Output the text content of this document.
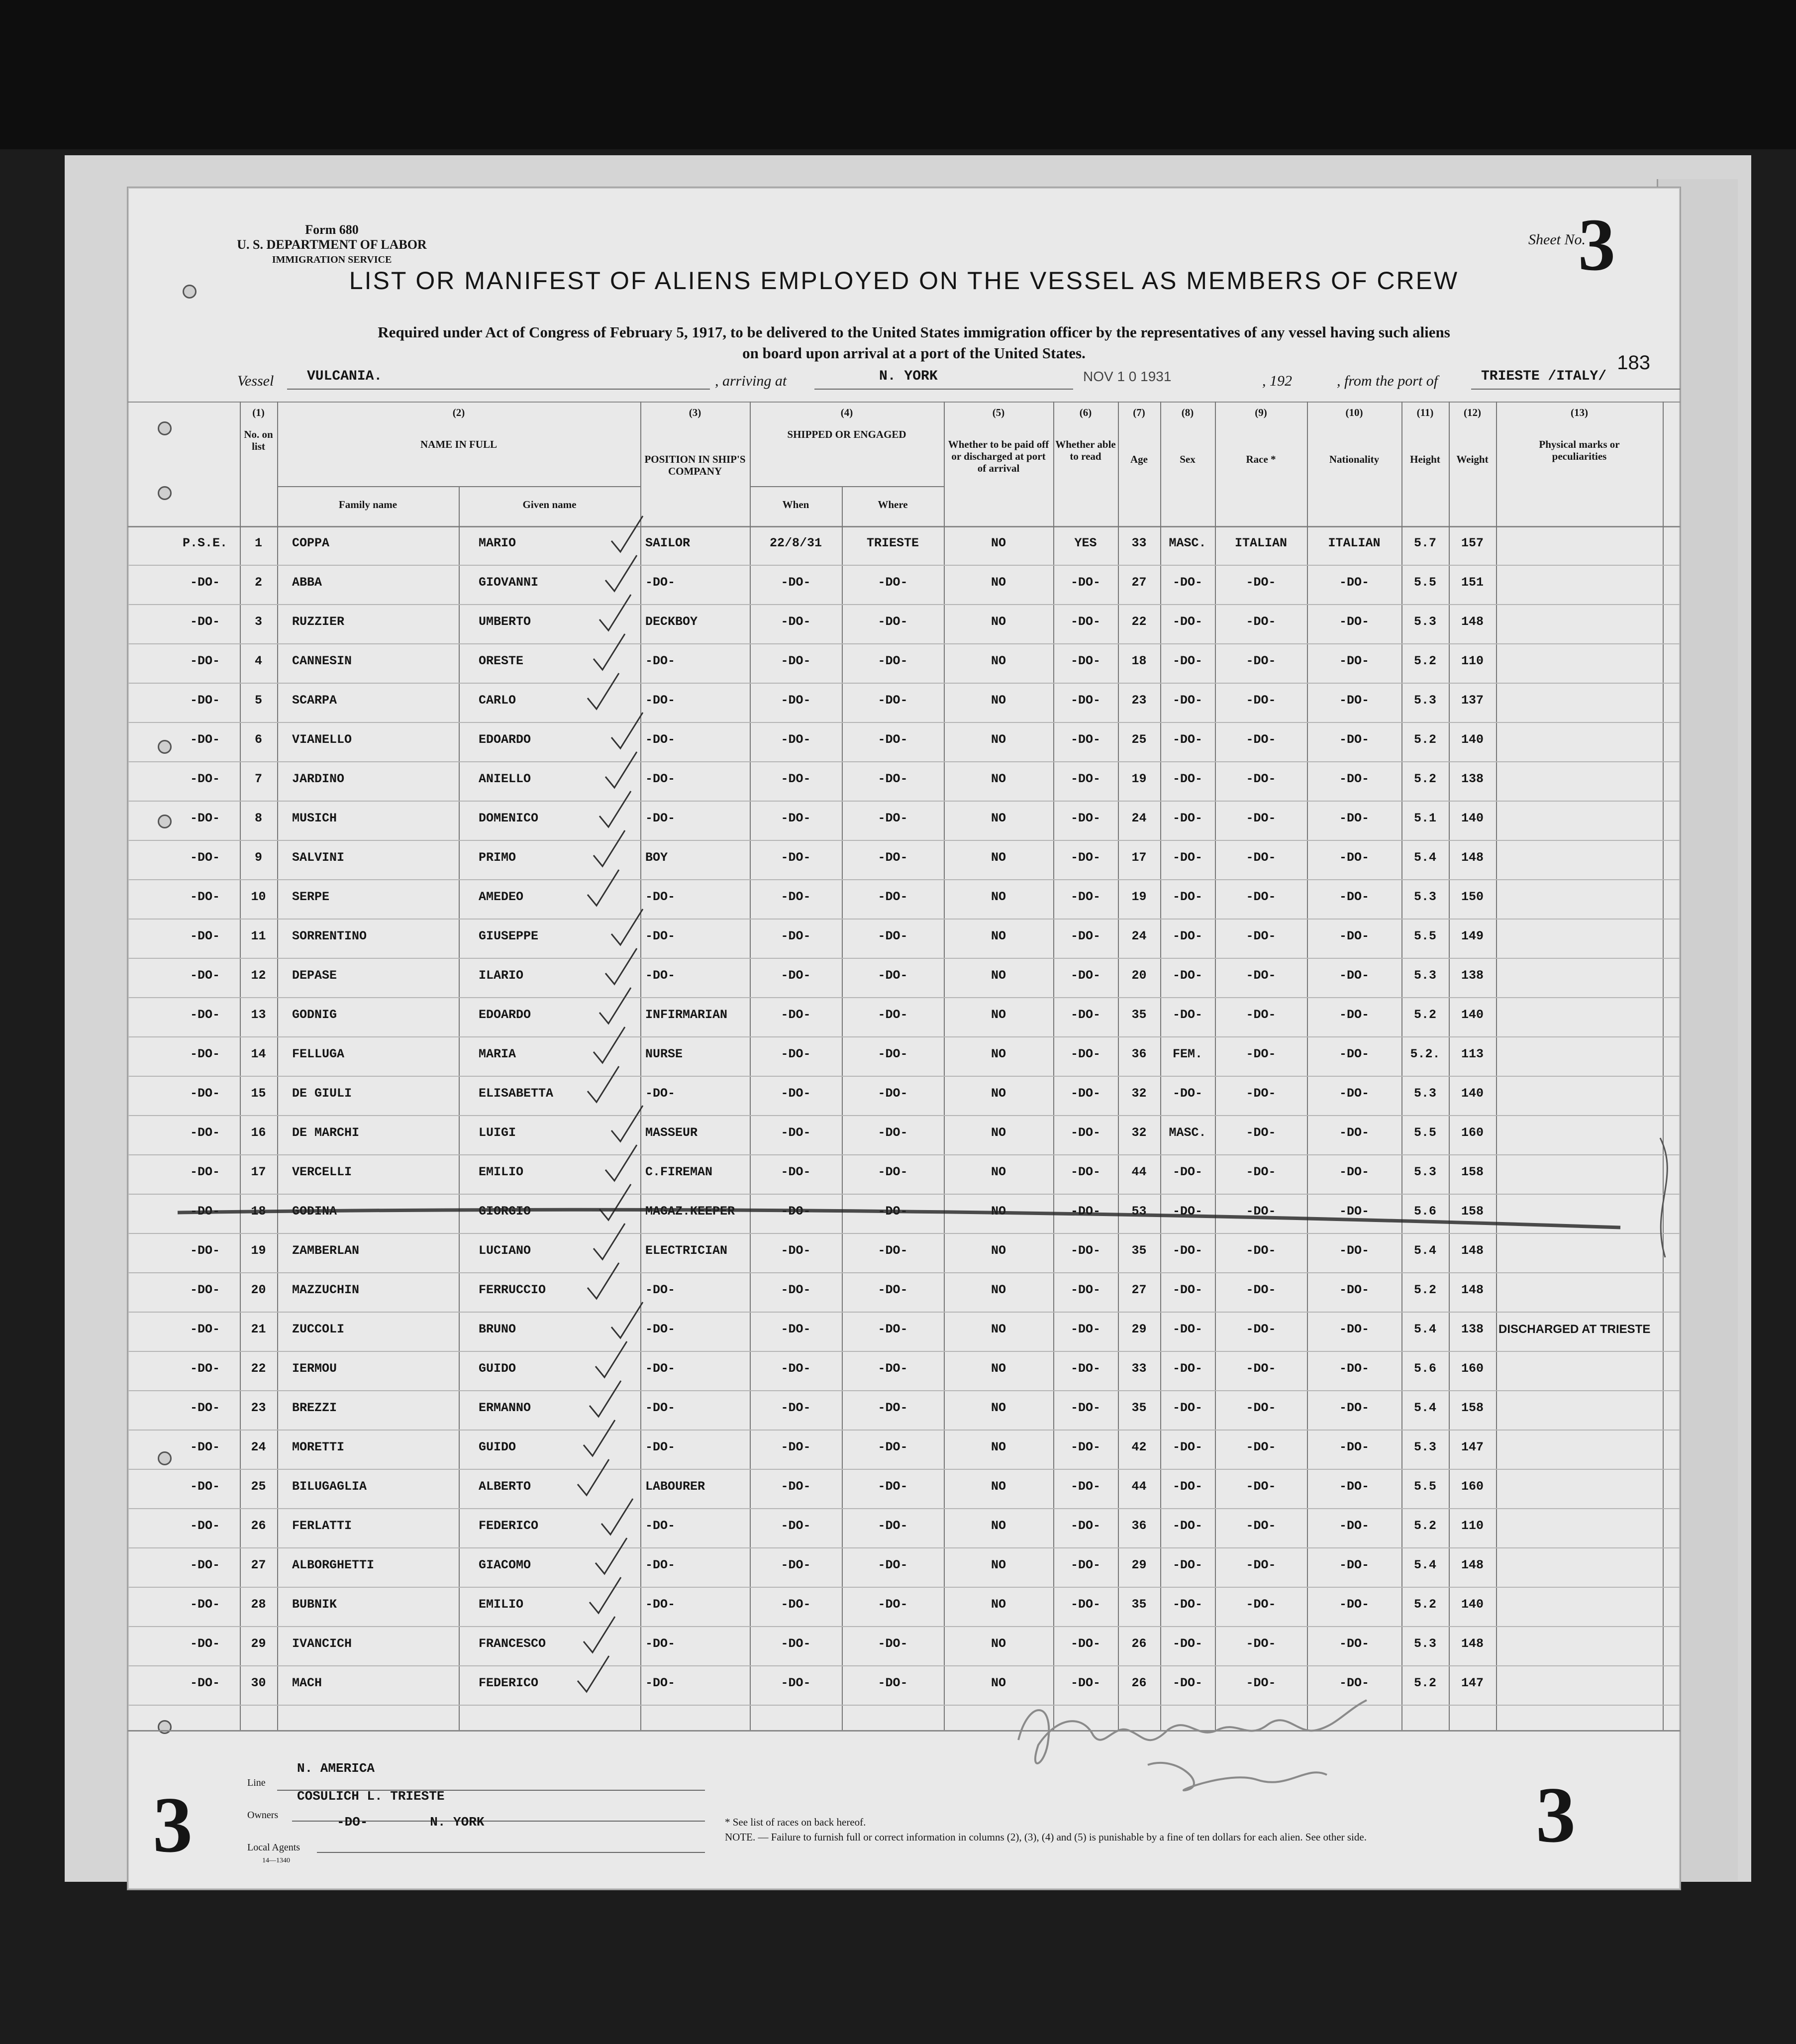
Form 680
U. S. DEPARTMENT OF LABOR
IMMIGRATION SERVICE
Sheet No.
3
LIST OR MANIFEST OF ALIENS EMPLOYED ON THE VESSEL AS MEMBERS OF CREW
Required under Act of Congress of February 5, 1917, to be delivered to the United States immigration officer by the representatives of any vessel having such aliens
on board upon arrival at a port of the United States.	183
Vessel VULCANIA.	, arriving at	N. YORK	NOV 1 0 1931	, 192	, from the port of	TRIESTE /ITALY/
(1)
No. on list
(2)
NAME IN FULL
Family name	Given name
(3)
POSITION IN SHIP'S COMPANY
(4)
SHIPPED OR ENGAGED
When	Where
(5)
Whether to be paid off or discharged at port of arrival
(6)
Whether able to read
(7)
Age
(8)
Sex
(9)
Race *
(10)
Nationality
(11)
Height
(12)
Weight
(13)
Physical marks or peculiarities
P.S.E.	1	COPPA	MARIO	SAILOR	22/8/31	TRIESTE	NO	YES	33	MASC.	ITALIAN	ITALIAN	5.7	157
-DO-	2	ABBA	GIOVANNI	-DO-	-DO-	-DO-	NO	-DO-	27	-DO-	-DO-	-DO-	5.5	151
-DO-	3	RUZZIER	UMBERTO	DECKBOY	-DO-	-DO-	NO	-DO-	22	-DO-	-DO-	-DO-	5.3	148
-DO-	4	CANNESIN	ORESTE	-DO-	-DO-	-DO-	NO	-DO-	18	-DO-	-DO-	-DO-	5.2	110
-DO-	5	SCARPA	CARLO	-DO-	-DO-	-DO-	NO	-DO-	23	-DO-	-DO-	-DO-	5.3	137
-DO-	6	VIANELLO	EDOARDO	-DO-	-DO-	-DO-	NO	-DO-	25	-DO-	-DO-	-DO-	5.2	140
-DO-	7	JARDINO	ANIELLO	-DO-	-DO-	-DO-	NO	-DO-	19	-DO-	-DO-	-DO-	5.2	138
-DO-	8	MUSICH	DOMENICO	-DO-	-DO-	-DO-	NO	-DO-	24	-DO-	-DO-	-DO-	5.1	140
-DO-	9	SALVINI	PRIMO	BOY	-DO-	-DO-	NO	-DO-	17	-DO-	-DO-	-DO-	5.4	148
-DO-	10	SERPE	AMEDEO	-DO-	-DO-	-DO-	NO	-DO-	19	-DO-	-DO-	-DO-	5.3	150
-DO-	11	SORRENTINO	GIUSEPPE	-DO-	-DO-	-DO-	NO	-DO-	24	-DO-	-DO-	-DO-	5.5	149
-DO-	12	DEPASE	ILARIO	-DO-	-DO-	-DO-	NO	-DO-	20	-DO-	-DO-	-DO-	5.3	138
-DO-	13	GODNIG	EDOARDO	INFIRMARIAN	-DO-	-DO-	NO	-DO-	35	-DO-	-DO-	-DO-	5.2	140
-DO-	14	FELLUGA	MARIA	NURSE	-DO-	-DO-	NO	-DO-	36	FEM.	-DO-	-DO-	5.2.	113
-DO-	15	DE GIULI	ELISABETTA	-DO-	-DO-	-DO-	NO	-DO-	32	-DO-	-DO-	-DO-	5.3	140
-DO-	16	DE MARCHI	LUIGI	MASSEUR	-DO-	-DO-	NO	-DO-	32	MASC.	-DO-	-DO-	5.5	160
-DO-	17	VERCELLI	EMILIO	C.FIREMAN	-DO-	-DO-	NO	-DO-	44	-DO-	-DO-	-DO-	5.3	158
-DO-	18	GODINA	GIORGIO	MAGAZ.KEEPER	-DO-	-DO-	NO	-DO-	53	-DO-	-DO-	-DO-	5.6	158
-DO-	19	ZAMBERLAN	LUCIANO	ELECTRICIAN	-DO-	-DO-	NO	-DO-	35	-DO-	-DO-	-DO-	5.4	148
-DO-	20	MAZZUCHIN	FERRUCCIO	-DO-	-DO-	-DO-	NO	-DO-	27	-DO-	-DO-	-DO-	5.2	148
-DO-	21	ZUCCOLI	BRUNO	-DO-	-DO-	-DO-	NO	-DO-	29	-DO-	-DO-	-DO-	5.4	138	DISCHARGED AT TRIESTE
-DO-	22	IERMOU	GUIDO	-DO-	-DO-	-DO-	NO	-DO-	33	-DO-	-DO-	-DO-	5.6	160
-DO-	23	BREZZI	ERMANNO	-DO-	-DO-	-DO-	NO	-DO-	35	-DO-	-DO-	-DO-	5.4	158
-DO-	24	MORETTI	GUIDO	-DO-	-DO-	-DO-	NO	-DO-	42	-DO-	-DO-	-DO-	5.3	147
-DO-	25	BILUGAGLIA	ALBERTO	LABOURER	-DO-	-DO-	NO	-DO-	44	-DO-	-DO-	-DO-	5.5	160
-DO-	26	FERLATTI	FEDERICO	-DO-	-DO-	-DO-	NO	-DO-	36	-DO-	-DO-	-DO-	5.2	110
-DO-	27	ALBORGHETTI	GIACOMO	-DO-	-DO-	-DO-	NO	-DO-	29	-DO-	-DO-	-DO-	5.4	148
-DO-	28	BUBNIK	EMILIO	-DO-	-DO-	-DO-	NO	-DO-	35	-DO-	-DO-	-DO-	5.2	140
-DO-	29	IVANCICH	FRANCESCO	-DO-	-DO-	-DO-	NO	-DO-	26	-DO-	-DO-	-DO-	5.3	148
-DO-	30	MACH	FEDERICO	-DO-	-DO-	-DO-	NO	-DO-	26	-DO-	-DO-	-DO-	5.2	147
3	3
Line
N. AMERICA
Owners
COSULICH L. TRIESTE
-DO-        N. YORK
Local Agents
14—1340
* See list of races on back hereof.
NOTE. — Failure to furnish full or correct information in columns (2), (3), (4) and (5) is punishable by a fine of ten dollars for each alien. See other side.
